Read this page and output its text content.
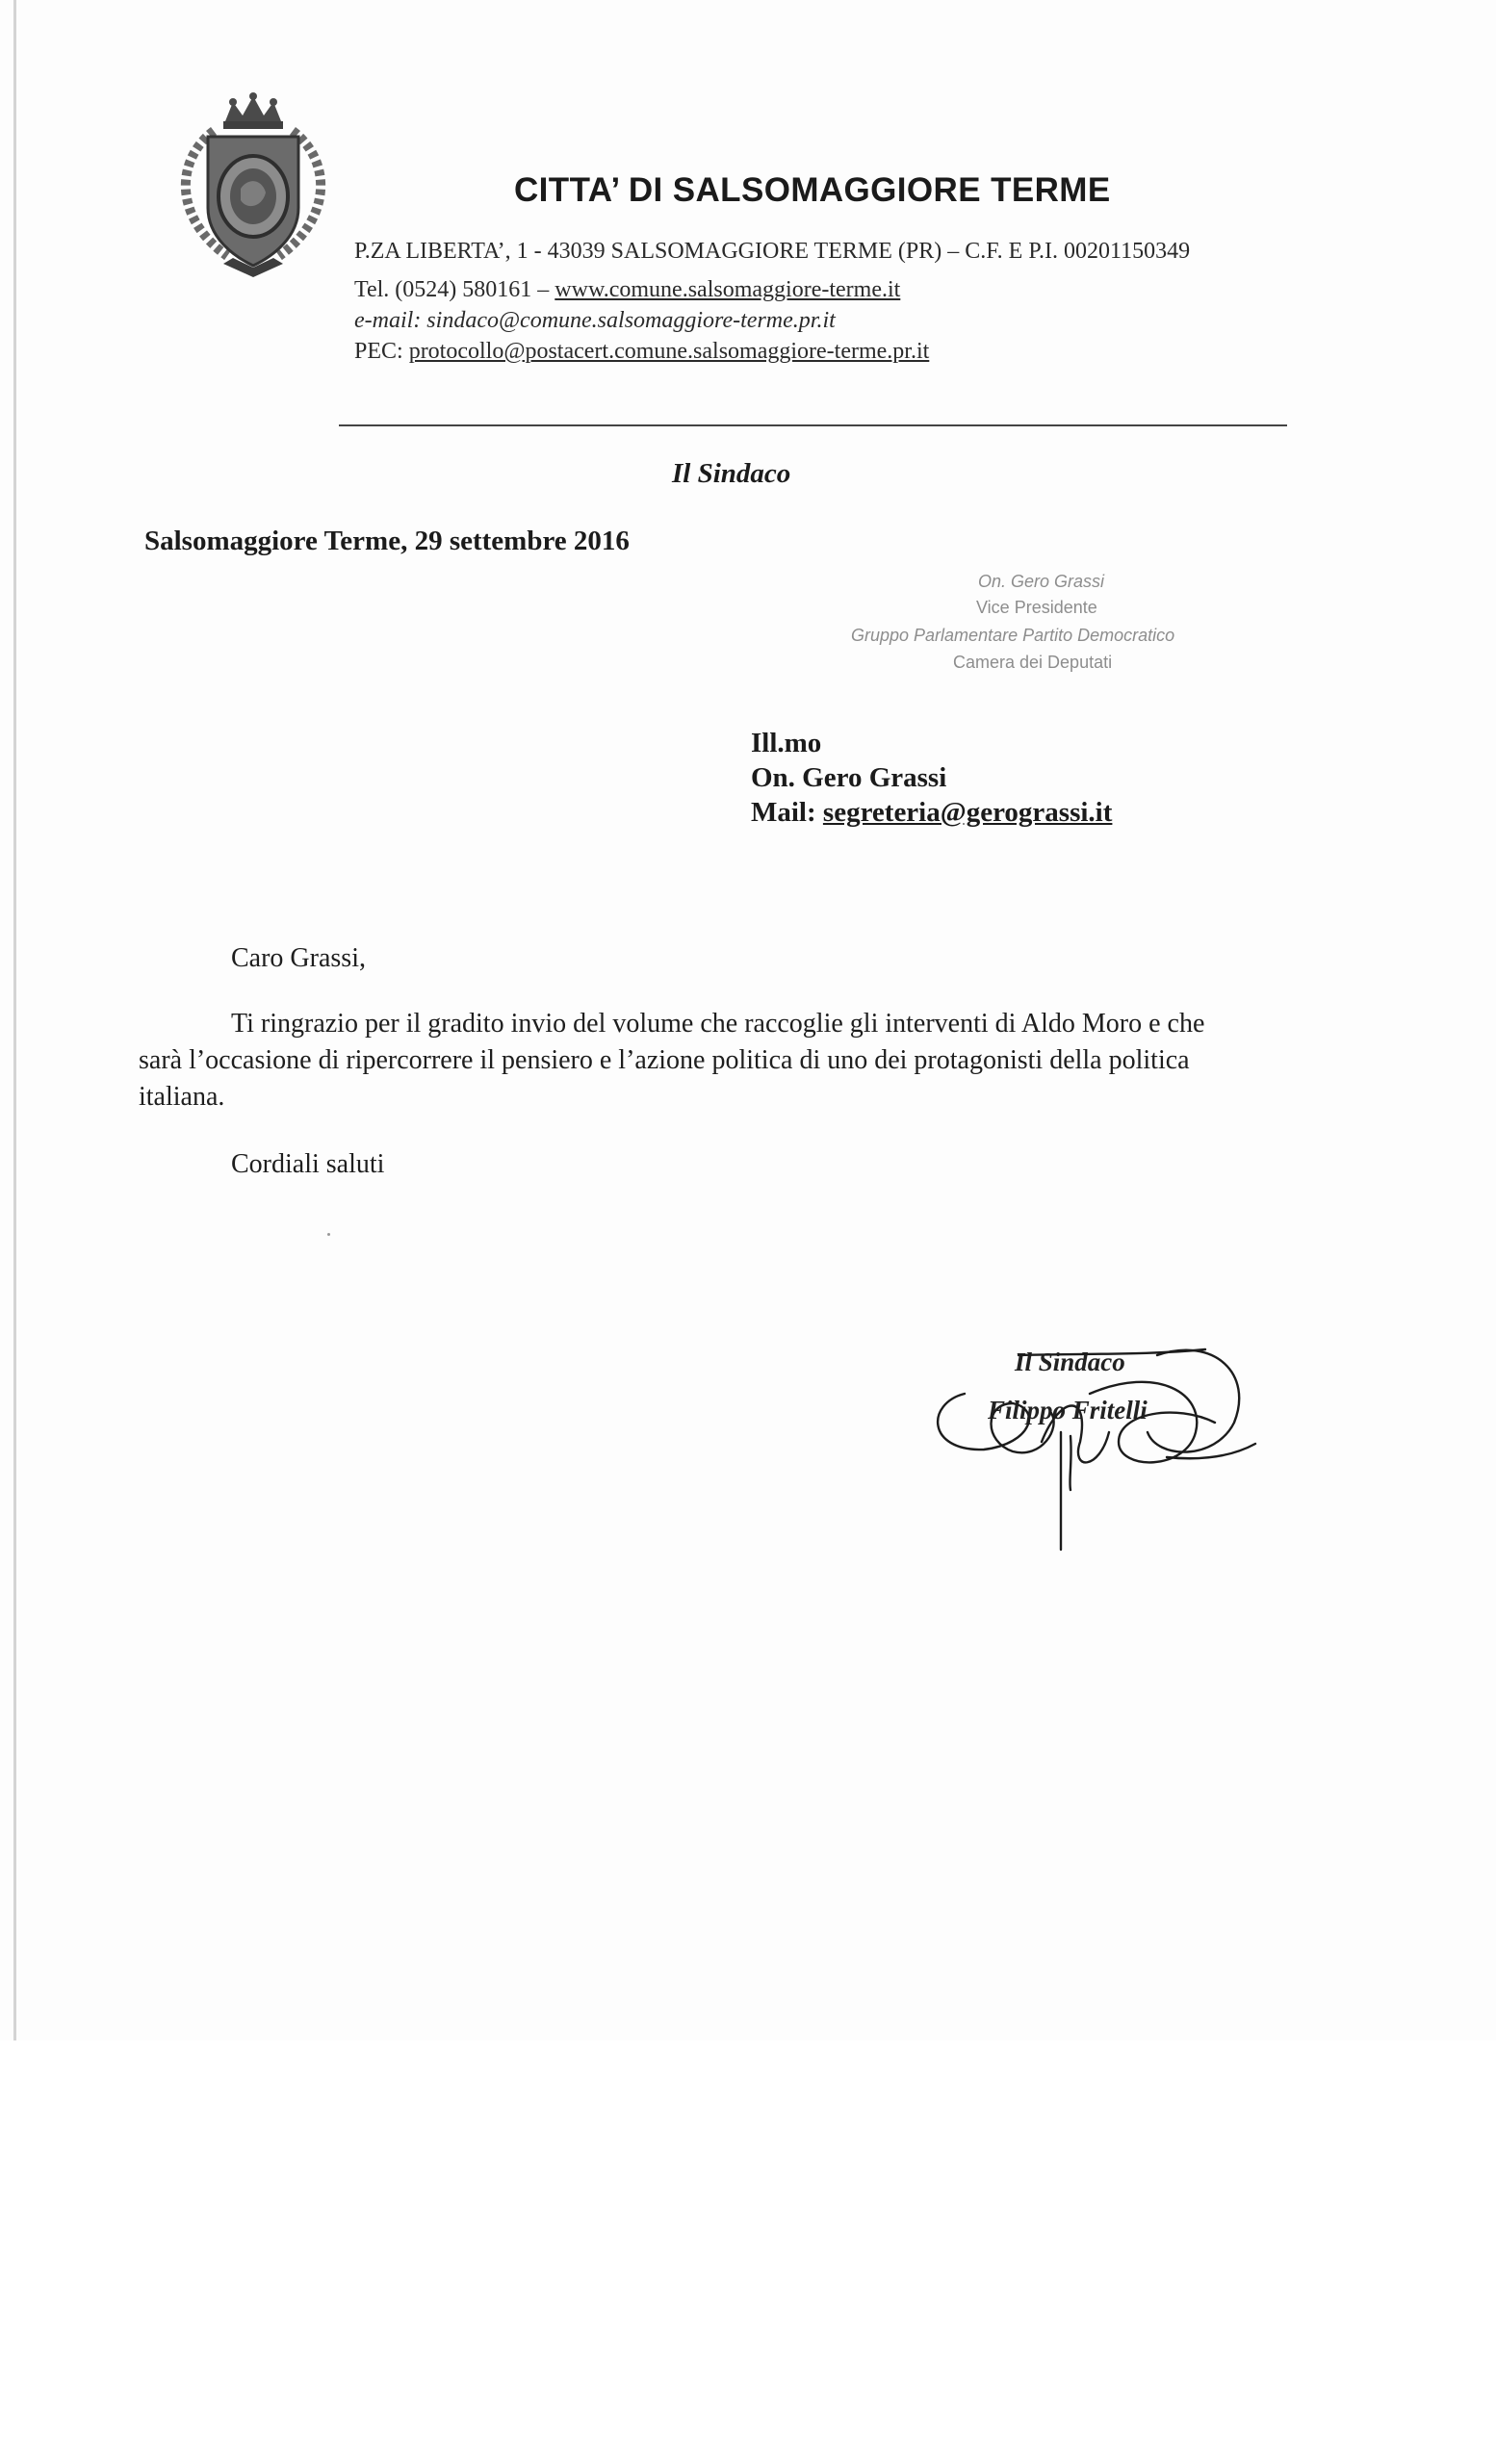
CITTA’ DI SALSOMAGGIORE TERME
P.ZA LIBERTA’, 1 - 43039 SALSOMAGGIORE TERME (PR) – C.F. E P.I. 00201150349
Tel. (0524) 580161 – www.comune.salsomaggiore-terme.it
e-mail: sindaco@comune.salsomaggiore-terme.pr.it
PEC: protocollo@postacert.comune.salsomaggiore-terme.pr.it
Il Sindaco
Salsomaggiore Terme, 29 settembre 2016
On. Gero Grassi
Vice Presidente
Gruppo Parlamentare Partito Democratico
Camera dei Deputati
Ill.mo
On. Gero Grassi
Mail: segreteria@gerograssi.it
Caro Grassi,
Ti ringrazio per il gradito invio del volume che raccoglie gli interventi di Aldo Moro e che
sarà l’occasione di ripercorrere il pensiero e l’azione politica di uno dei protagonisti della politica
italiana.
Cordiali saluti
Il Sindaco
Filippo Fritelli
